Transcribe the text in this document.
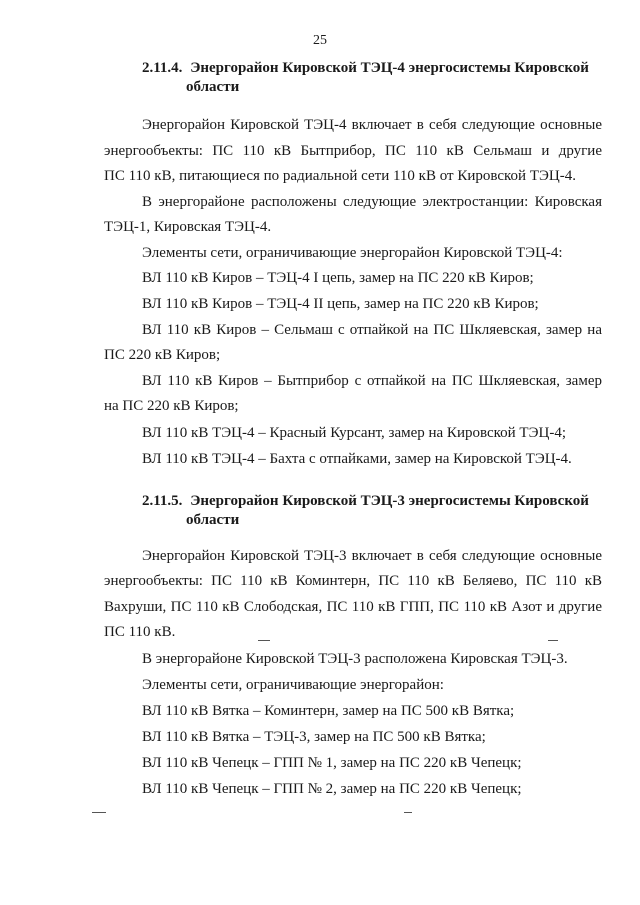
25
2.11.4. Энергорайон Кировской ТЭЦ-4 энергосистемы Кировской
области
Энергорайон Кировской ТЭЦ-4 включает в себя следующие основные
энергообъекты: ПС 110 кВ Бытприбор, ПС 110 кВ Сельмаш и другие
ПС 110 кВ, питающиеся по радиальной сети 110 кВ от Кировской ТЭЦ-4.
В энергорайоне расположены следующие электростанции: Кировская
ТЭЦ-1, Кировская ТЭЦ-4.
Элементы сети, ограничивающие энергорайон Кировской ТЭЦ-4:
ВЛ 110 кВ Киров – ТЭЦ-4 I цепь, замер на ПС 220 кВ Киров;
ВЛ 110 кВ Киров – ТЭЦ-4 II цепь, замер на ПС 220 кВ Киров;
ВЛ 110 кВ Киров – Сельмаш с отпайкой на ПС Шкляевская, замер на
ПС 220 кВ Киров;
ВЛ 110 кВ Киров – Бытприбор с отпайкой на ПС Шкляевская, замер
на ПС 220 кВ Киров;
ВЛ 110 кВ ТЭЦ-4 – Красный Курсант, замер на Кировской ТЭЦ-4;
ВЛ 110 кВ ТЭЦ-4 – Бахта с отпайками, замер на Кировской ТЭЦ-4.
2.11.5. Энергорайон Кировской ТЭЦ-3 энергосистемы Кировской
области
Энергорайон Кировской ТЭЦ-3 включает в себя следующие основные
энергообъекты: ПС 110 кВ Коминтерн, ПС 110 кВ Беляево, ПС 110 кВ
Вахруши, ПС 110 кВ Слободская, ПС 110 кВ ГПП, ПС 110 кВ Азот и другие
ПС 110 кВ.
В энергорайоне Кировской ТЭЦ-3 расположена Кировская ТЭЦ-3.
Элементы сети, ограничивающие энергорайон:
ВЛ 110 кВ Вятка – Коминтерн, замер на ПС 500 кВ Вятка;
ВЛ 110 кВ Вятка – ТЭЦ-3, замер на ПС 500 кВ Вятка;
ВЛ 110 кВ Чепецк – ГПП № 1, замер на ПС 220 кВ Чепецк;
ВЛ 110 кВ Чепецк – ГПП № 2, замер на ПС 220 кВ Чепецк;
